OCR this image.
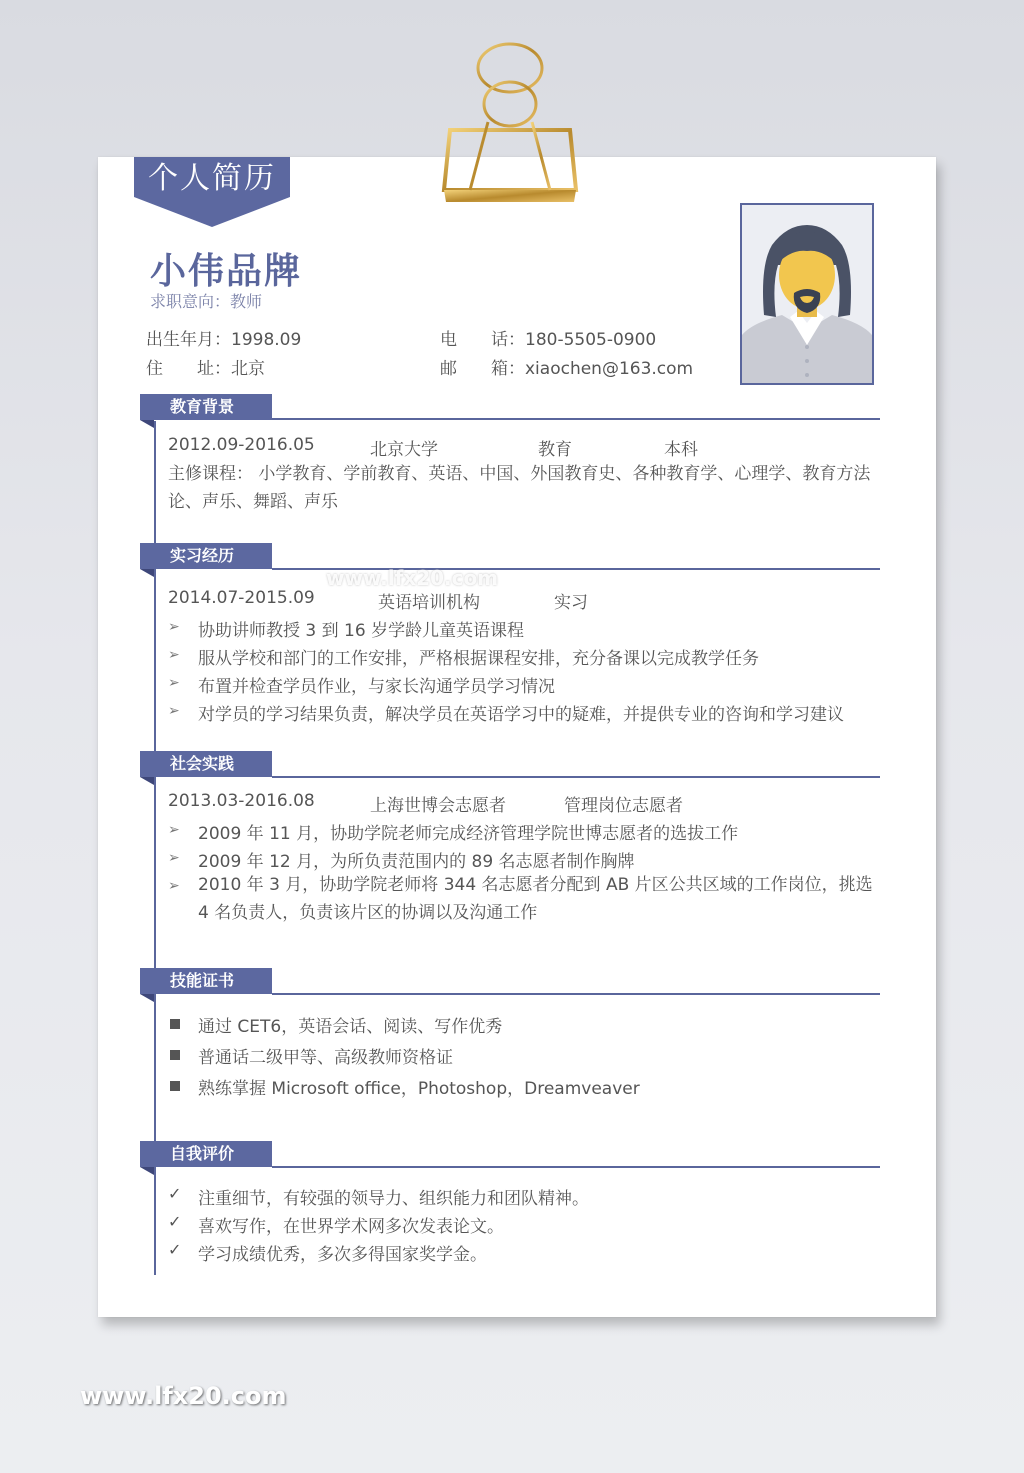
个人简历
小伟品牌
求职意向：教师
出生年月：1998.09
住　　址：北京
电　　话：180-5505-0900
邮　　箱：xiaochen@163.com
教育背景
2012.09-2016.05	北京大学	教育	本科
主修课程： 小学教育、学前教育、英语、中国、外国教育史、各种教育学、心理学、教育方法论、声乐、舞蹈、声乐
实习经历
2014.07-2015.09	英语培训机构	实习
➢ 协助讲师教授 3 到 16 岁学龄儿童英语课程
➢ 服从学校和部门的工作安排，严格根据课程安排，充分备课以完成教学任务
➢ 布置并检查学员作业，与家长沟通学员学习情况
➢ 对学员的学习结果负责，解决学员在英语学习中的疑难，并提供专业的咨询和学习建议
社会实践
2013.03-2016.08	上海世博会志愿者	管理岗位志愿者
➢ 2009 年 11 月，协助学院老师完成经济管理学院世博志愿者的选拔工作
➢ 2009 年 12 月，为所负责范围内的 89 名志愿者制作胸牌
➢ 2010 年 3 月，协助学院老师将 344 名志愿者分配到 AB 片区公共区域的工作岗位，挑选 4 名负责人，负责该片区的协调以及沟通工作
技能证书
通过 CET6，英语会话、阅读、写作优秀
普通话二级甲等、高级教师资格证
熟练掌握 Microsoft office，Photoshop，Dreamveaver
自我评价
✓ 注重细节，有较强的领导力、组织能力和团队精神。
✓ 喜欢写作，在世界学术网多次发表论文。
✓ 学习成绩优秀，多次多得国家奖学金。
www.lfx20.com
www.lfx20.com
